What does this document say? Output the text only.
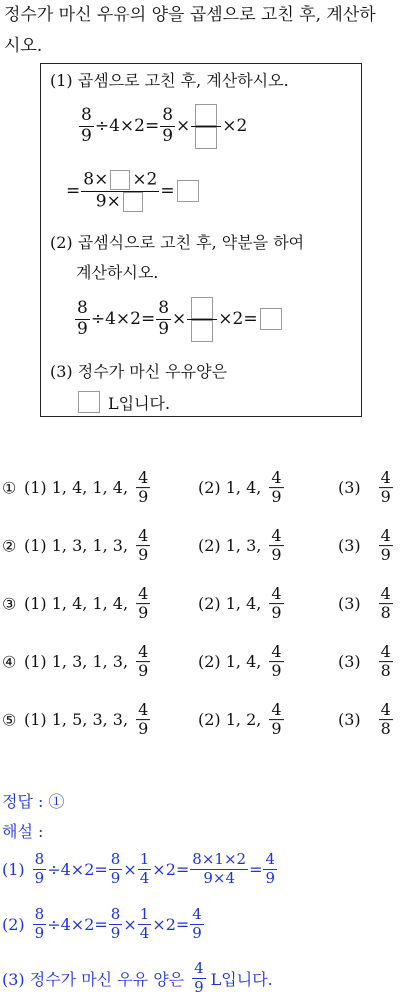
정수가 마신 우유의 양을 곱셈으로 고친 후, 계산하
시오.
(1) 곱셈으로 고친 후, 계산하시오.
$\frac{8}{9} \div 4\times 2= \frac{8}{9} \times \times 2$
= $\frac{8\times \times 2}{9\times}$ =
(2) 곱셈식으로 고친 후, 약분을 하여
계산하시오.
$\frac{8}{9} \div 4\times 2= \frac{8}{9} \times \times 2=$
(3) 정수가 마신 우유양은
L입니다.
① (1) 1, 4, 1, 4,
4
9	(2) 1, 4,
4
9	(3)
4
9
② (1) 1, 3, 1, 3,
4
9	(2) 1, 3,
4
9	(3)
4
9
③ (1) 1, 4, 1, 4,
4
9	(2) 1, 4,
4
9	(3)
4
8
④ (1) 1, 3, 1, 3,
4
9	(2) 1, 4,
4
9	(3)
4
8
⑤ (1) 1, 5, 3, 3,
4
9	(2) 1, 2,
4
9	(3)
4
8
정답 : ①
해설 :
$(1) \frac{8}{9} \div 4\times 2= \frac{8}{9} \times \frac{1}{4} \times 2= \frac{8\times 1\times 2}{9\times 4} = \frac{4}{9}$
$(2) \frac{8}{9} \div 4\times 2= \frac{8}{9} \times \frac{1}{4} \times 2= \frac{4}{9}$
(3) 정수가 마신 우유 양은
4
9 L입니다.
